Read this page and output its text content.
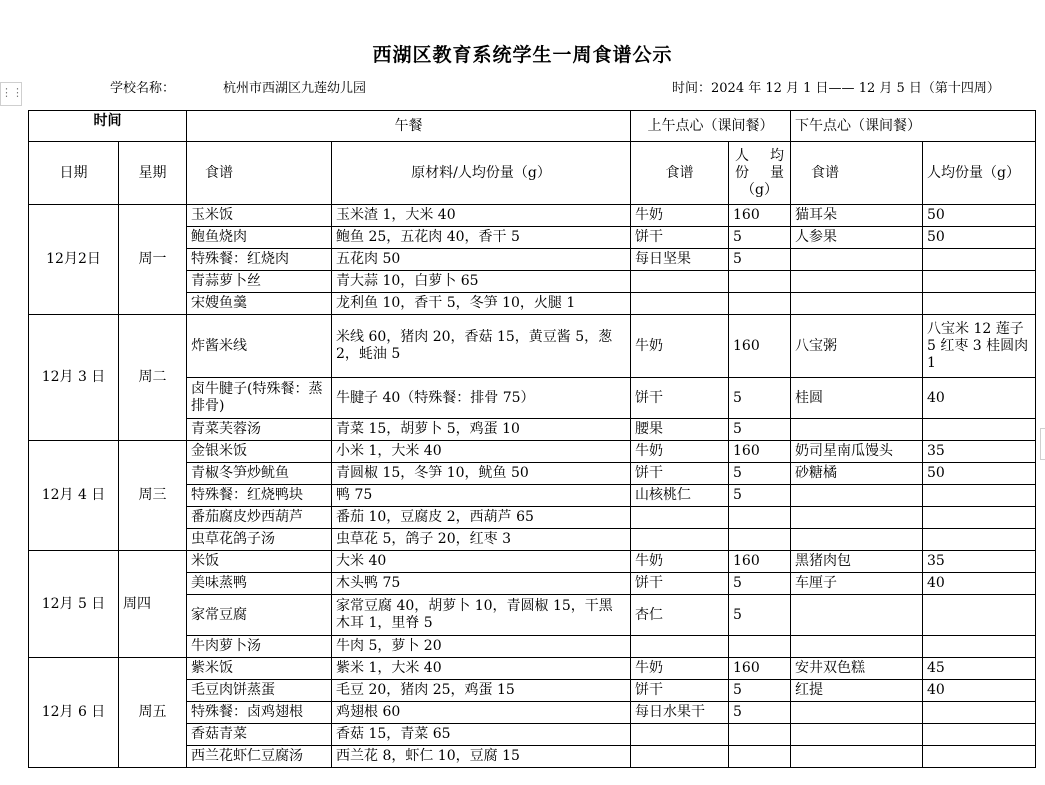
⋮⋮
西湖区教育系统学生一周食谱公示
学校名称：	杭州市西湖区九莲幼儿园	时间：2024 年 12 月 1 日—— 12 月 5 日（第十四周）
时间		午餐		上午点心（课间餐）		下午点心（课间餐）	
日期	星期	食谱	原材料/人均份量（g）	食谱	人 均 份 量 （g）	食谱	人均份量（g）
12月2日	周一	玉米饭	玉米渣 1，大米 40	牛奶	160	猫耳朵	50
		鲍鱼烧肉	鲍鱼 25，五花肉 40，香干 5	饼干	5	人参果	50
		特殊餐：红烧肉	五花肉 50	每日坚果	5		
		青蒜萝卜丝	青大蒜 10，白萝卜 65				
		宋嫂鱼羹	龙利鱼 10，香干 5，冬笋 10，火腿 1				
12月 3 日	周二	炸酱米线	米线 60，猪肉 20，香菇 15，黄豆酱 5，葱 2，蚝油 5	牛奶	160	八宝粥	八宝米 12 莲子 5 红枣 3 桂圆肉 1
		卤牛腱子(特殊餐：蒸排骨)	牛腱子 40（特殊餐：排骨 75）	饼干	5	桂圆	40
		青菜芙蓉汤	青菜 15，胡萝卜 5，鸡蛋 10	腰果	5		
12月 4 日	周三	金银米饭	小米 1，大米 40	牛奶	160	奶司星南瓜馒头	35
		青椒冬笋炒鱿鱼	青圆椒 15，冬笋 10，鱿鱼 50	饼干	5	砂糖橘	50
		特殊餐：红烧鸭块	鸭 75	山核桃仁	5		
		番茄腐皮炒西葫芦	番茄 10，豆腐皮 2，西葫芦 65				
		虫草花鸽子汤	虫草花 5，鸽子 20，红枣 3				
12月 5 日	周四	米饭	大米 40	牛奶	160	黑猪肉包	35
		美味蒸鸭	木头鸭 75	饼干	5	车厘子	40
		家常豆腐	家常豆腐 40，胡萝卜 10，青圆椒 15，干黑木耳 1，里脊 5	杏仁	5		
		牛肉萝卜汤	牛肉 5，萝卜 20				
12月 6 日	周五	紫米饭	紫米 1，大米 40	牛奶	160	安井双色糕	45
		毛豆肉饼蒸蛋	毛豆 20，猪肉 25，鸡蛋 15	饼干	5	红提	40
		特殊餐：卤鸡翅根	鸡翅根 60	每日水果干	5		
		香菇青菜	香菇 15，青菜 65				
		西兰花虾仁豆腐汤	西兰花 8，虾仁 10，豆腐 15				
